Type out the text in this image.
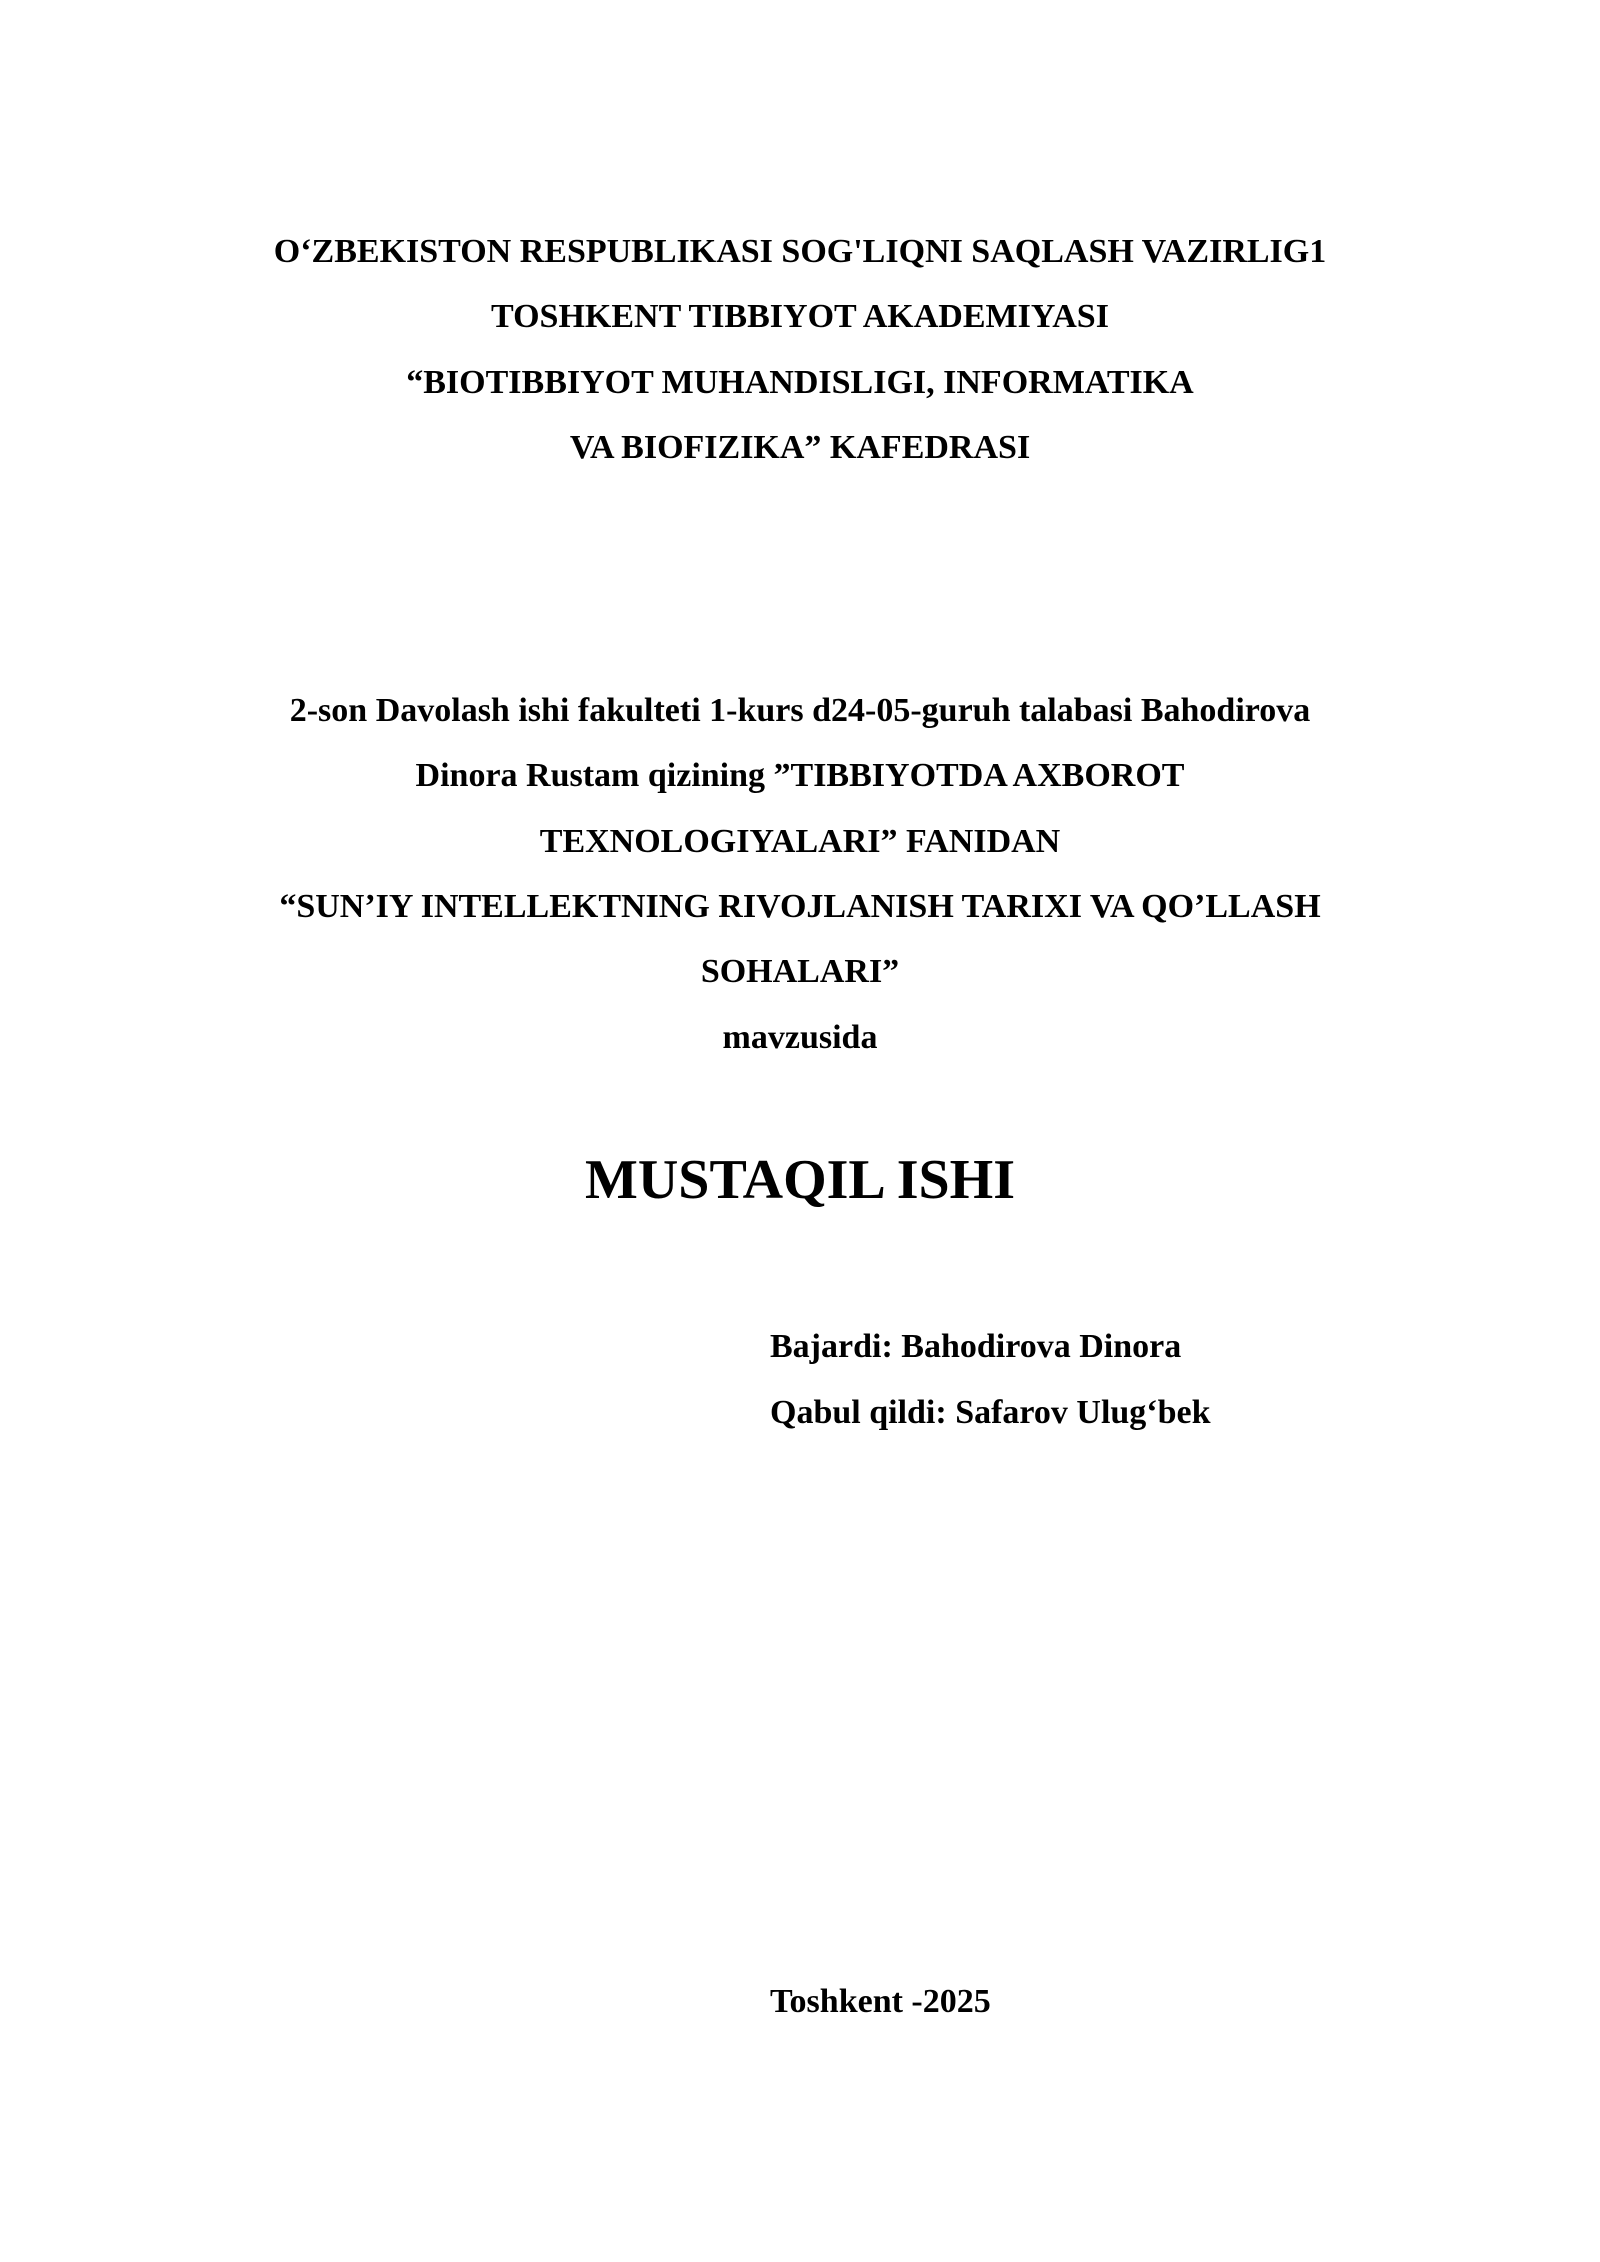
O‘ZBEKISTON RESPUBLIKASI SOG'LIQNI SAQLASH VAZIRLIG1
TOSHKENT TIBBIYOT AKADEMIYASI
“BIOTIBBIYOT MUHANDISLIGI, INFORMATIKA
VA BIOFIZIKA” KAFEDRASI
2-son Davolash ishi fakulteti 1-kurs d24-05-guruh talabasi Bahodirova
Dinora Rustam qizining ”TIBBIYOTDA AXBOROT
TEXNOLOGIYALARI” FANIDAN
“SUN’IY INTELLEKTNING RIVOJLANISH TARIXI VA QO’LLASH
SOHALARI”
mavzusida
MUSTAQIL ISHI
Bajardi: Bahodirova Dinora
Qabul qildi: Safarov Ulug‘bek
Toshkent -2025
